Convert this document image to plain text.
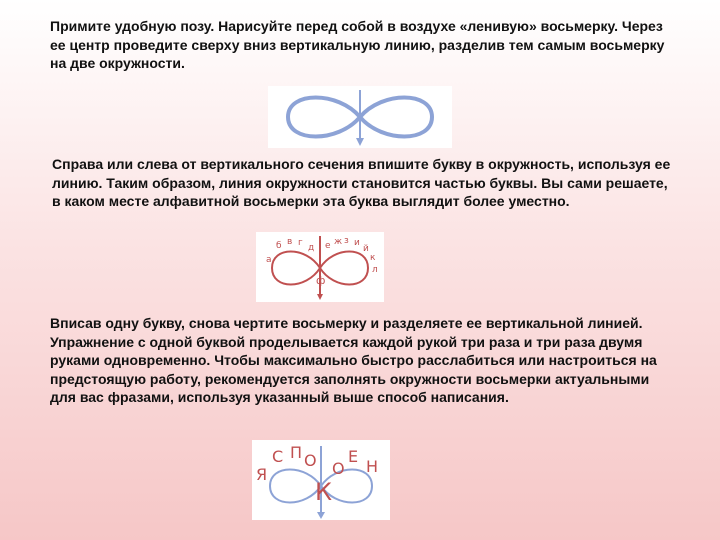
Примите удобную позу. Нарисуйте перед собой в воздухе «ленивую» восьмерку. Через ее центр проведите сверху вниз вертикальную линию, разделив тем самым восьмерку на две окружности.

Справа или слева от вертикального сечения впишите букву в окружность, используя ее линию. Таким образом, линия окружности становится частью буквы. Вы сами решаете, в каком месте алфавитной восьмерки эта буква выглядит более уместно.

а
б в г д е ж з и
й
к
л
ф

Вписав одну букву, снова чертите восьмерку и разделяете ее вертикальной линией. Упражнение с одной буквой проделывается каждой рукой три раза и три раза двумя руками одновременно. Чтобы максимально быстро расслабиться или настроиться на предстоящую работу, рекомендуется заполнять окружности восьмерки актуальными для вас фразами, используя указанный выше способ написания.

Я
С П О
К
О
Е
Н
